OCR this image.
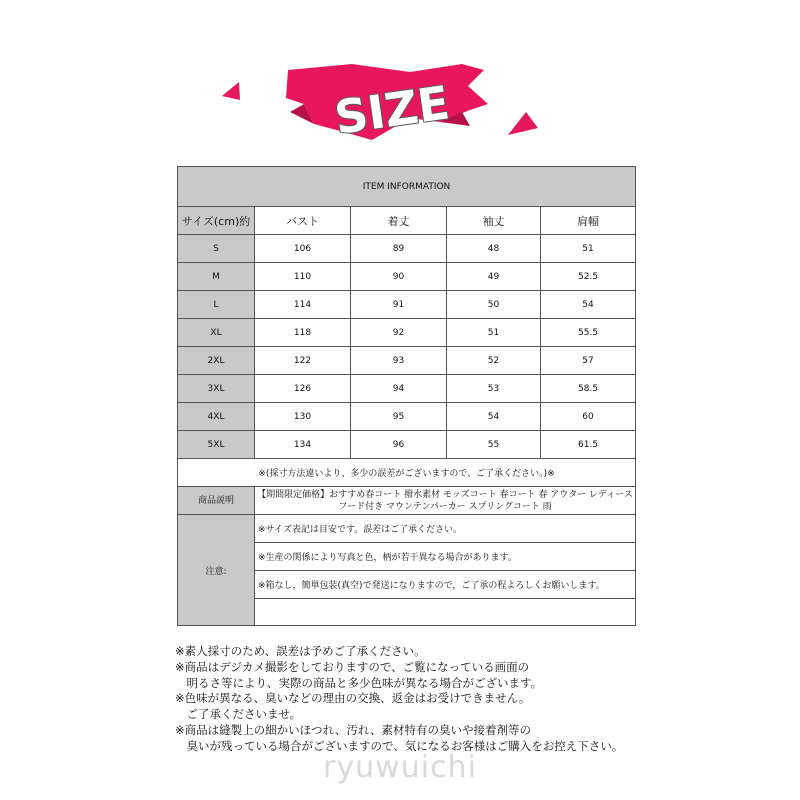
SIZE
ITEM INFORMATION				
サイズ(cm)約	バスト	着丈	袖丈	肩幅
S	106	89	48	51
M	110	90	49	52.5
L	114	91	50	54
XL	118	92	51	55.5
2XL	122	93	52	57
3XL	126	94	53	58.5
4XL	130	95	54	60
5XL	134	96	55	61.5
※(採寸方法違いより、多少の誤差がございますので、ご了承ください。)※				
商品説明	【期間限定価格】おすすめ春コート 撥水素材 モッズコート 春コート 春 アウター レディース
フード付き マウンテンパーカー スプリングコート 雨			

注意:	※サイズ表記は目安です。誤差はご了承ください。			
	※生産の関係により写真と色，柄が若干異なる場合があります。			
	※箱なし，簡単包装(真空)で発送になりますので，ご了承の程よろしくお願いします。			

※素人採寸のため、誤差は予めご了承ください。
※商品はデジカメ撮影をしておりますので、ご覧になっている画面の
　明るさ等により、実際の商品と多少色味が異なる場合がございます。
※色味が異なる、臭いなどの理由の交換、返金はお受けできません。
　ご了承くださいませ。
※商品は縫製上の細かいほつれ、汚れ、素材特有の臭いや接着剤等の
　臭いが残っている場合がございますので、気になるお客様はご購入をお控え下さい。
ryuwuichi
